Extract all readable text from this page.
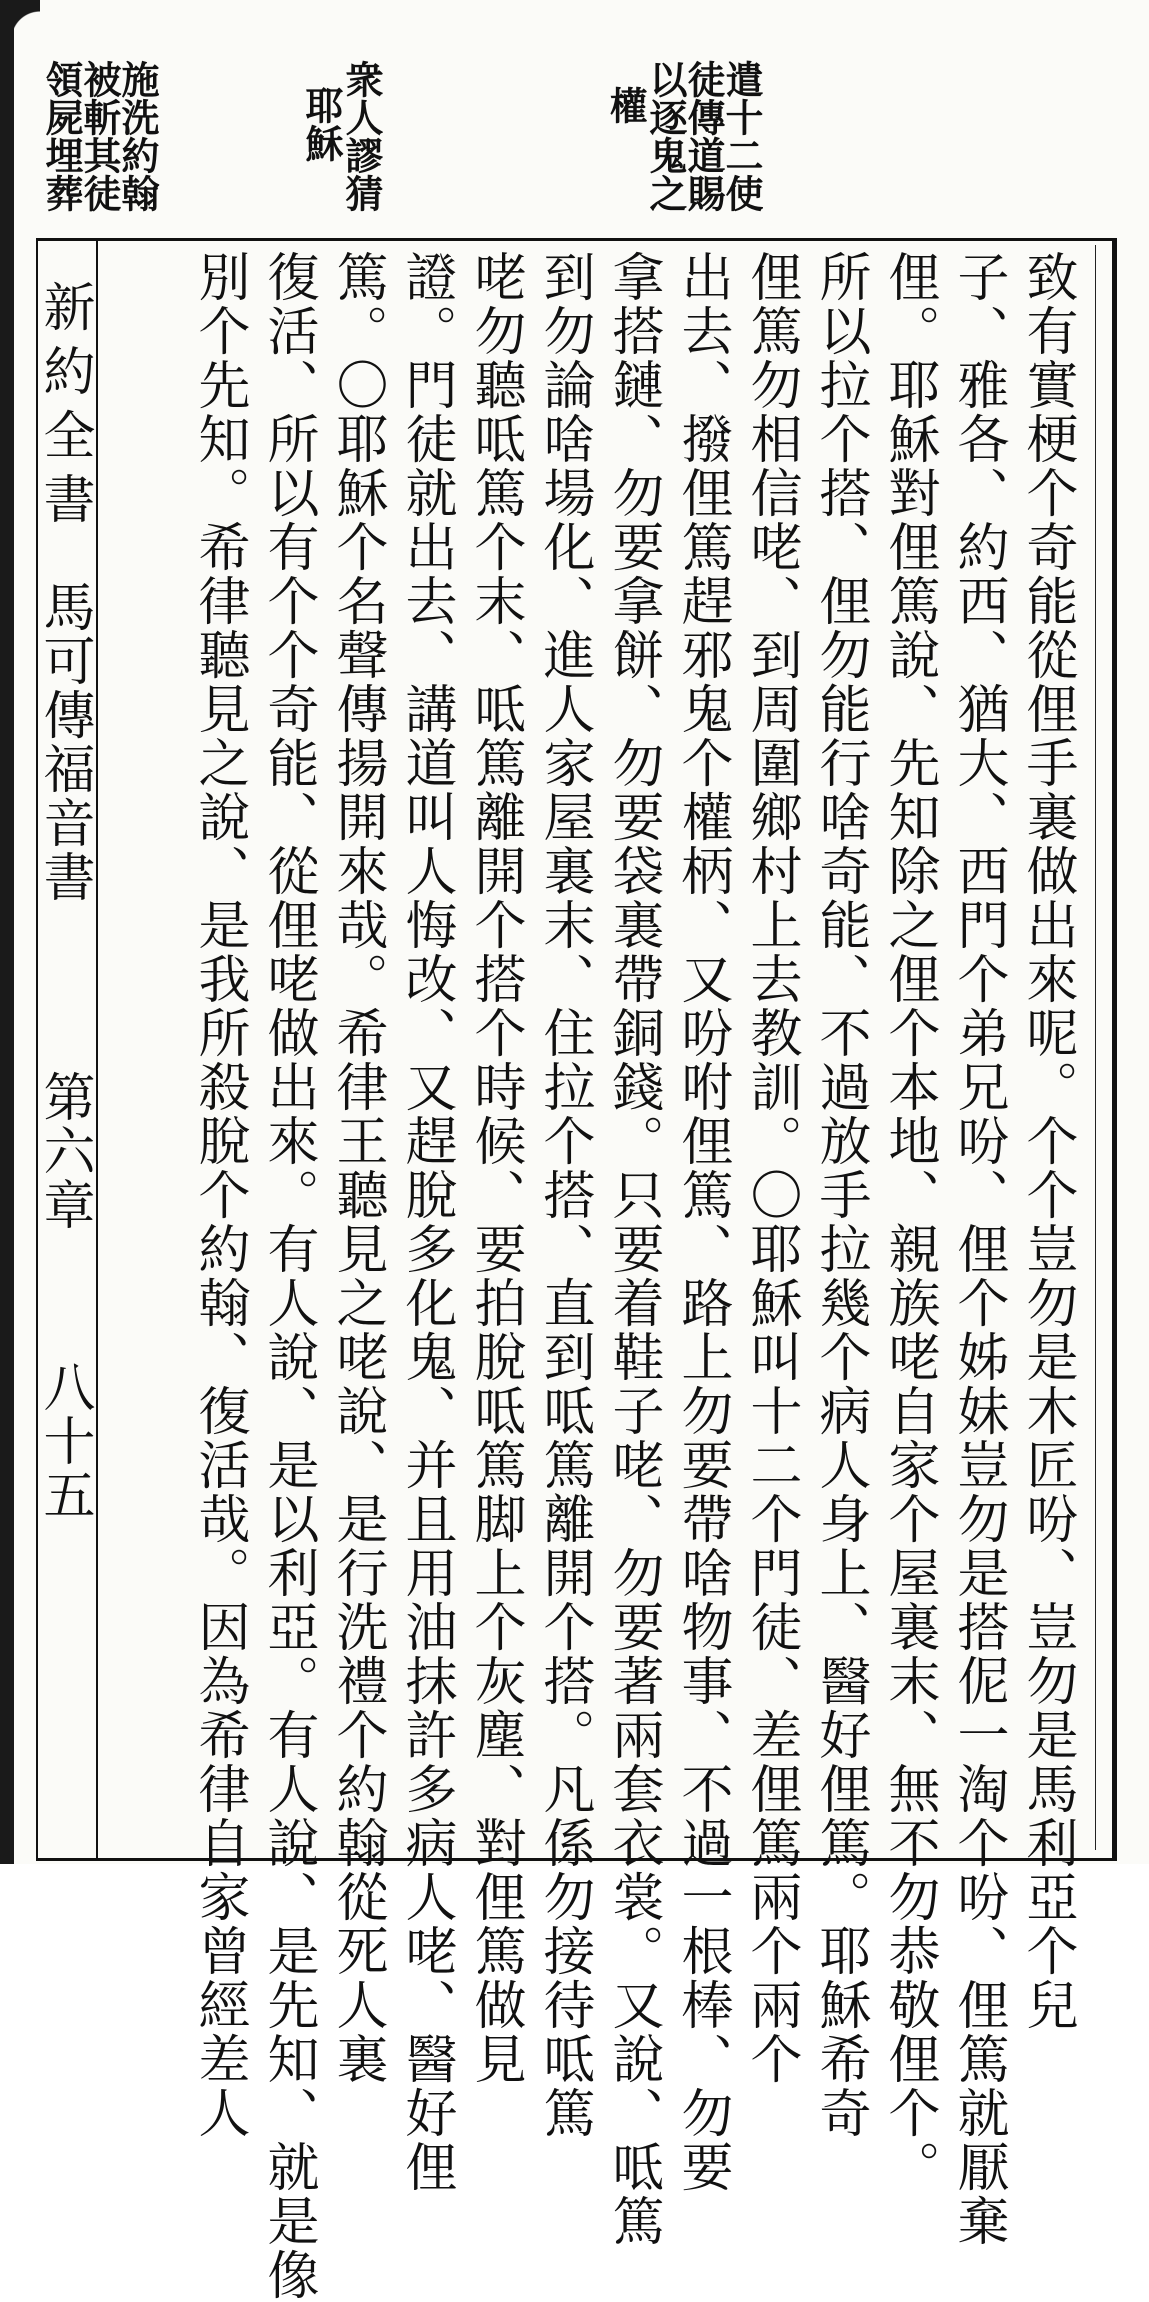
遣十二使
徒傳道賜
以逐鬼之
權
衆人謬猜
耶穌
施洗約翰
被斬其徒
領屍埋葬
新約全書
馬可傳福音書
第六章
八十五	致有實梗个奇能從俚手裏做出來呢。个个豈勿是木匠吩、豈勿是馬利亞个兒
子、雅各、約西、猶大、西門个弟兄吩、俚个姊妹豈勿是搭伲一淘个吩、俚篤就厭棄
俚。耶穌對俚篤說、先知除之俚个本地、親族咾自家个屋裏末、無不勿恭敬俚个。
所以拉个搭、俚勿能行啥奇能、不過放手拉幾个病人身上、醫好俚篤。耶穌希奇
俚篤勿相信咾、到周圍鄉村上去教訓。〇耶穌叫十二个門徒、差俚篤兩个兩个
出去、撥俚篤趕邪鬼个權柄、又吩咐俚篤、路上勿要帶啥物事、不過一根棒、勿要
拿搭鏈、勿要拿餅、勿要袋裏帶銅錢。只要着鞋子咾、勿要著兩套衣裳。又說、呧篤
到勿論啥場化、進人家屋裏末、住拉个搭、直到呧篤離開个搭。凡係勿接待呧篤
咾勿聽呧篤个末、呧篤離開个搭个時候、要拍脫呧篤脚上个灰塵、對俚篤做見
證。門徒就出去、講道叫人悔改、又趕脫多化鬼、并且用油抹許多病人咾、醫好俚
篤。〇耶穌个名聲傳揚開來哉。希律王聽見之咾說、是行洗禮个約翰從死人裏
復活、所以有个个奇能、從俚咾做出來。有人說、是以利亞。有人說、是先知、就是像
別个先知。希律聽見之說、是我所殺脫个約翰、復活哉。因為希律自家曾經差人
